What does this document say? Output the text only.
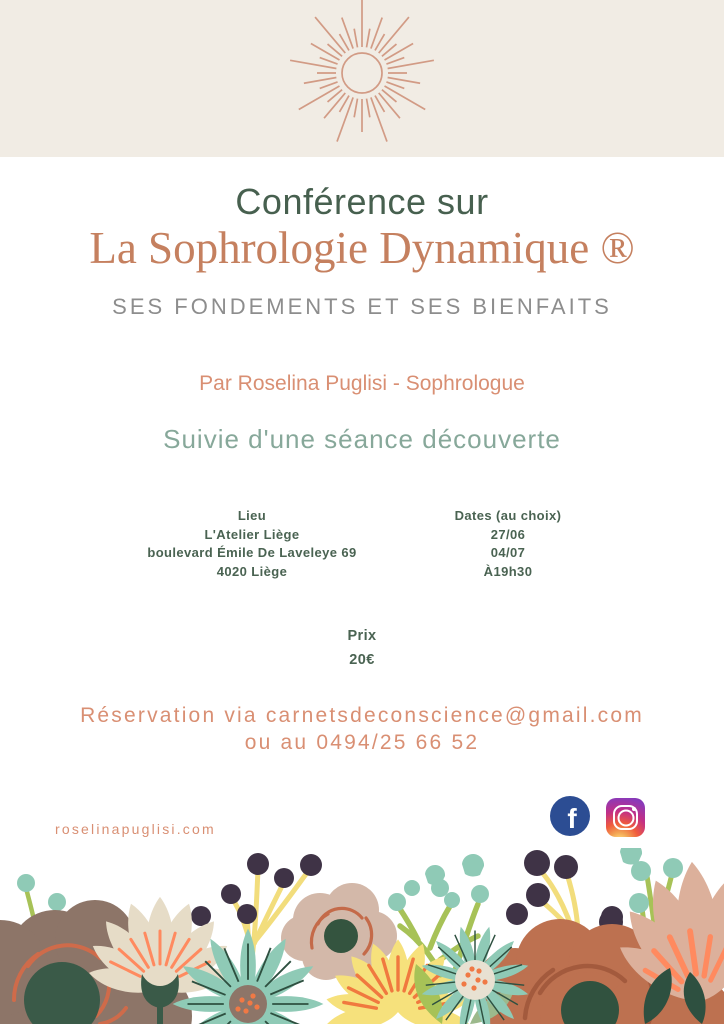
Conférence sur
La Sophrologie Dynamique ®
SES FONDEMENTS ET SES BIENFAITS
Par Roselina Puglisi - Sophrologue
Suivie d'une séance découverte
Lieu
L'Atelier Liège
boulevard Émile De Laveleye 69
4020 Liège
Dates (au choix)
27/06
04/07
À19h30
Prix
20€
Réservation via carnetsdeconscience@gmail.com
ou au 0494/25 66 52
roselinapuglisi.com	f
